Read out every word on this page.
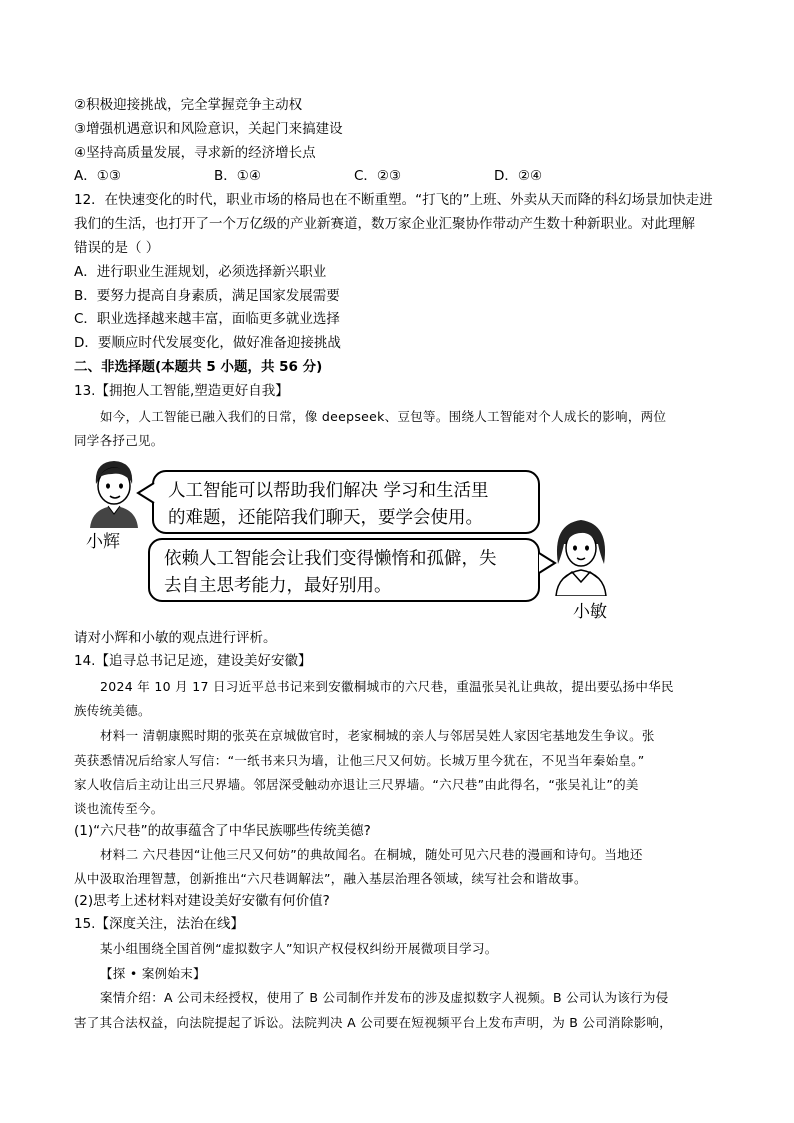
②积极迎接挑战，完全掌握竞争主动权
③增强机遇意识和风险意识，关起门来搞建设
④坚持高质量发展，寻求新的经济增长点
A．①③	B．①④	C．②③	D．②④
12．在快速变化的时代，职业市场的格局也在不断重塑。“打飞的”上班、外卖从天而降的科幻场景加快走进
我们的生活，也打开了一个万亿级的产业新赛道，数万家企业汇聚协作带动产生数十种新职业。对此理解
错误的是（ ）
A．进行职业生涯规划，必须选择新兴职业
B．要努力提高自身素质，满足国家发展需要
C．职业选择越来越丰富，面临更多就业选择
D．要顺应时代发展变化，做好准备迎接挑战
二、非选择题(本题共 5 小题，共 56 分)
13.【拥抱人工智能,塑造更好自我】
如今，人工智能已融入我们的日常，像 deepseek、豆包等。围绕人工智能对个人成长的影响，两位
同学各抒己见。
小辉
人工智能可以帮助我们解决 学习和生活里
的难题，还能陪我们聊天，要学会使用。
依赖人工智能会让我们变得懒惰和孤僻，失
去自主思考能力，最好别用。
小敏
请对小辉和小敏的观点进行评析。
14.【追寻总书记足迹，建设美好安徽】
2024 年 10 月 17 日习近平总书记来到安徽桐城市的六尺巷，重温张吴礼让典故，提出要弘扬中华民
族传统美德。
材料一 清朝康熙时期的张英在京城做官时，老家桐城的亲人与邻居吴姓人家因宅基地发生争议。张
英获悉情况后给家人写信：“一纸书来只为墙，让他三尺又何妨。长城万里今犹在，不见当年秦始皇。”
家人收信后主动让出三尺界墙。邻居深受触动亦退让三尺界墙。“六尺巷”由此得名，“张吴礼让”的美
谈也流传至今。
(1)“六尺巷”的故事蕴含了中华民族哪些传统美德?
材料二 六尺巷因“让他三尺又何妨”的典故闻名。在桐城，随处可见六尺巷的漫画和诗句。当地还
从中汲取治理智慧，创新推出“六尺巷调解法”，融入基层治理各领域，续写社会和谐故事。
(2)思考上述材料对建设美好安徽有何价值?
15.【深度关注，法治在线】
某小组围绕全国首例“虚拟数字人”知识产权侵权纠纷开展微项目学习。
【探 • 案例始末】
案情介绍：A 公司未经授权，使用了 B 公司制作并发布的涉及虚拟数字人视频。B 公司认为该行为侵
害了其合法权益，向法院提起了诉讼。法院判决 A 公司要在短视频平台上发布声明，为 B 公司消除影响，
